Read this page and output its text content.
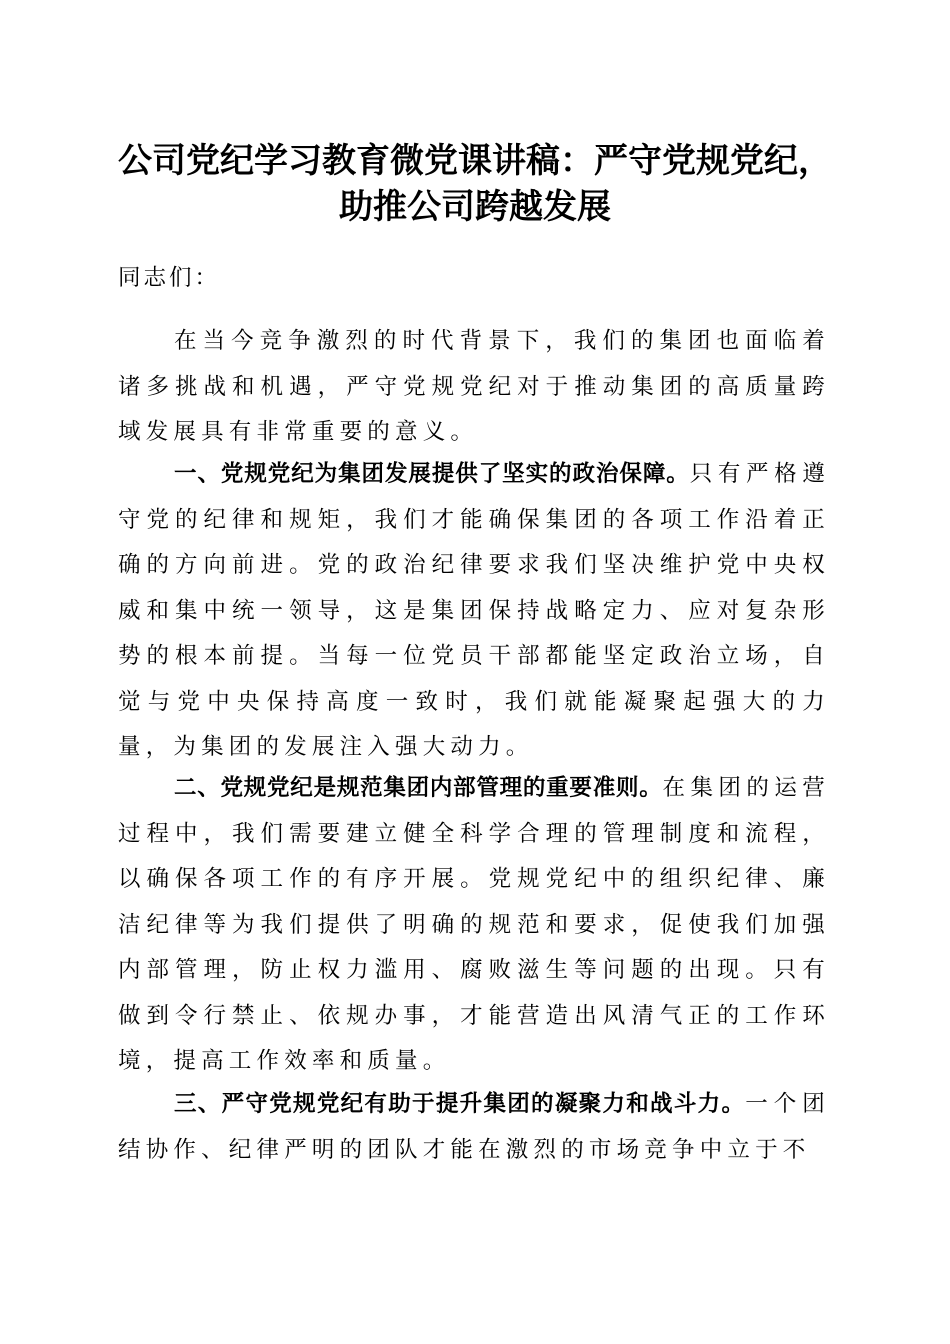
公司党纪学习教育微党课讲稿：严守党规党纪，
助推公司跨越发展
同志们：

在当今竞争激烈的时代背景下，我们的集团也面临着诸多挑战和机遇，严守党规党纪对于推动集团的高质量跨域发展具有非常重要的意义。

一、党规党纪为集团发展提供了坚实的政治保障。只有严格遵守党的纪律和规矩，我们才能确保集团的各项工作沿着正确的方向前进。党的政治纪律要求我们坚决维护党中央权威和集中统一领导，这是集团保持战略定力、应对复杂形势的根本前提。当每一位党员干部都能坚定政治立场，自觉与党中央保持高度一致时，我们就能凝聚起强大的力量，为集团的发展注入强大动力。

二、党规党纪是规范集团内部管理的重要准则。在集团的运营过程中，我们需要建立健全科学合理的管理制度和流程，以确保各项工作的有序开展。党规党纪中的组织纪律、廉洁纪律等为我们提供了明确的规范和要求，促使我们加强内部管理，防止权力滥用、腐败滋生等问题的出现。只有做到令行禁止、依规办事，才能营造出风清气正的工作环境，提高工作效率和质量。

三、严守党规党纪有助于提升集团的凝聚力和战斗力。一个团结协作、纪律严明的团队才能在激烈的市场竞争中立于不
